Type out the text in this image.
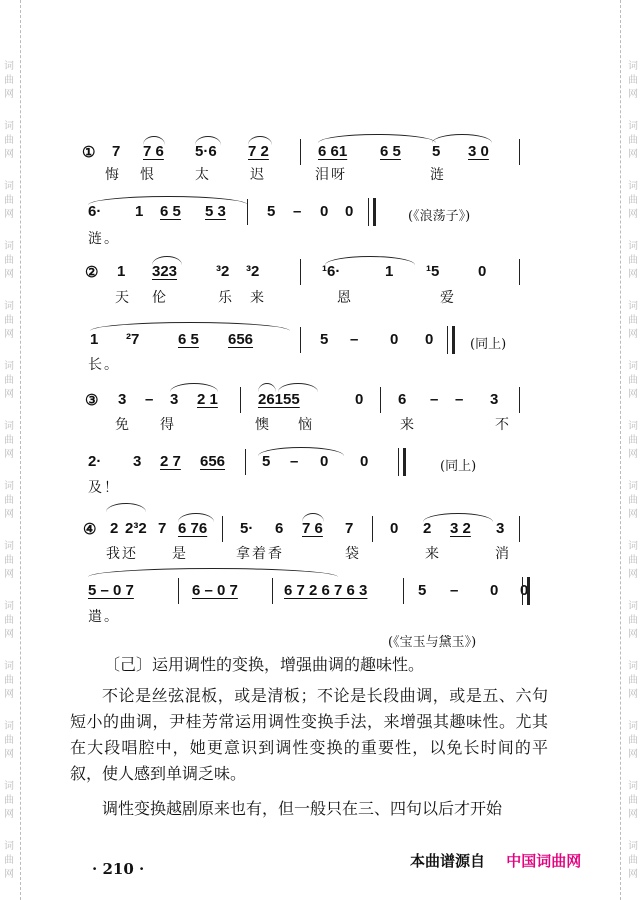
词
曲
网
词
曲
网
词
曲
网
词
曲
网
词
曲
网
词
曲
网
词
曲
网
词
曲
网
词
曲
网
词
曲
网
词
曲
网
词
曲
网
词
曲
网
词
曲
网
词
曲
网
词
曲
网
词
曲
网
词
曲
网
词
曲
网
词
曲
网
词
曲
网
词
曲
网
词
曲
网
词
曲
网
词
曲
网
词
曲
网
词
曲
网
词
曲
网
① 7 7 6 5·6 7 2	6 61 6 5 5 3 0
悔 恨	太	迟	泪呀	涟
6· 1 6 5 5 3	5 – 0 0	(《浪荡子》)
涟。
② 1 323	³2 ³2	¹6·	1 ¹5	0
天 伦	乐 来	恩	爱
1 ²7	6 5 656	5 – 0 0	(同上)
长。
③ 3 – 3 2 1	26155	0 6 – – 3
免 得	懊 恼	来	不
2· 3 2 7 656 5 – 0 0	(同上)
及！
④ 2 2³2 7 6 76 5· 6 7 6 7 0 2 3 2 3
我还 是	拿着香	袋	来	消
5 – 0 7	6 – 0 7	6 7 2 6 7 6 3	5 – 0 0
遣。
(《宝玉与黛玉》)
〔己〕运用调性的变换，增强曲调的趣味性。
不论是丝弦混板，或是清板；不论是长段曲调，或是五、六句短小的曲调，尹桂芳常运用调性变换手法，来增强其趣味性。尤其在大段唱腔中，她更意识到调性变换的重要性，以免长时间的平叙，使人感到单调乏味。
调性变换越剧原来也有，但一般只在三、四句以后才开始
· 210 ·	本曲谱源自 中国词曲网
